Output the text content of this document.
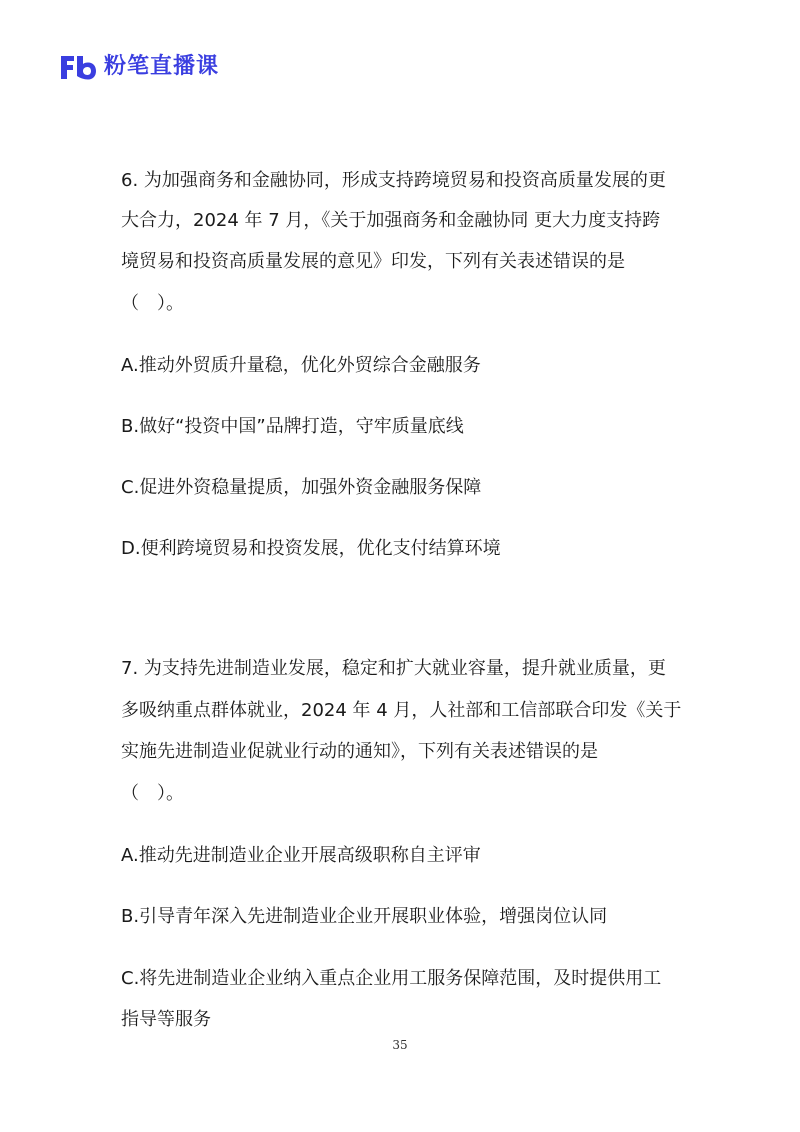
粉笔直播课
6. 为加强商务和金融协同，形成支持跨境贸易和投资高质量发展的更
大合力，2024 年 7 月，《关于加强商务和金融协同 更大力度支持跨
境贸易和投资高质量发展的意见》印发，下列有关表述错误的是
（　）。
A.推动外贸质升量稳，优化外贸综合金融服务
B.做好“投资中国”品牌打造，守牢质量底线
C.促进外资稳量提质，加强外资金融服务保障
D.便利跨境贸易和投资发展，优化支付结算环境
7. 为支持先进制造业发展，稳定和扩大就业容量，提升就业质量，更
多吸纳重点群体就业，2024 年 4 月，人社部和工信部联合印发《关于
实施先进制造业促就业行动的通知》，下列有关表述错误的是
（　）。
A.推动先进制造业企业开展高级职称自主评审
B.引导青年深入先进制造业企业开展职业体验，增强岗位认同
C.将先进制造业企业纳入重点企业用工服务保障范围，及时提供用工
指导等服务
35
